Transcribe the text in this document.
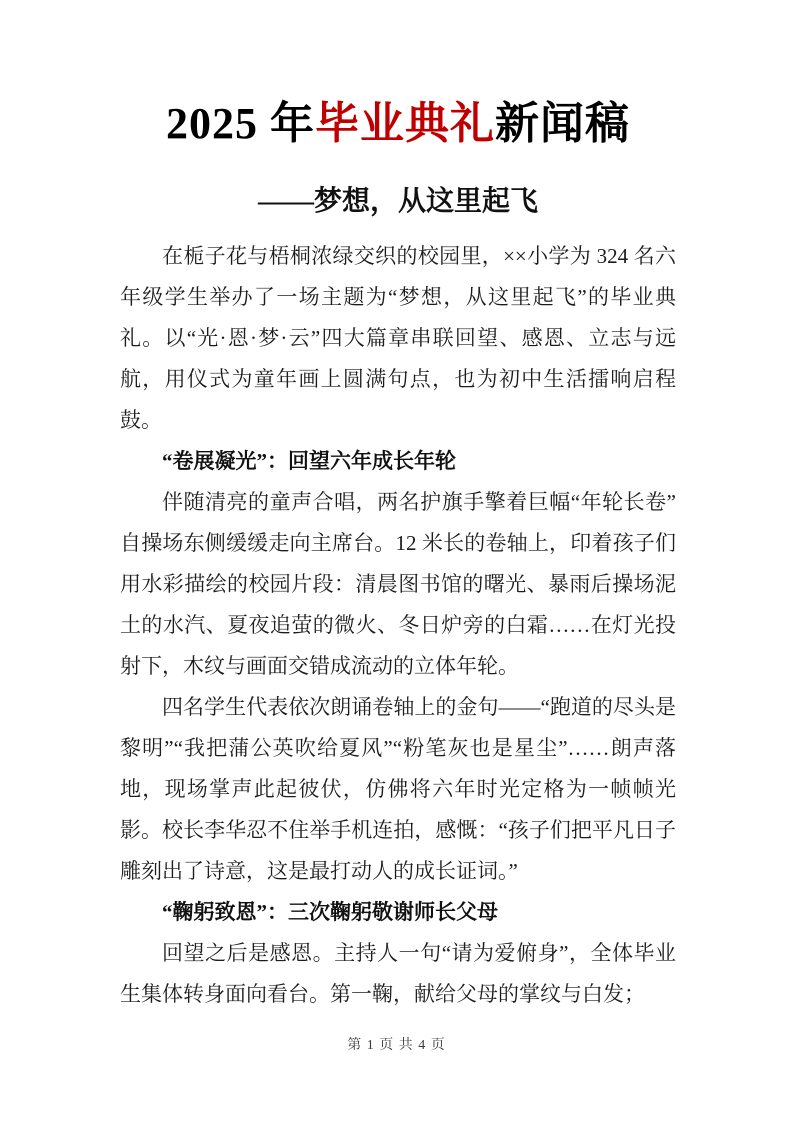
2025 年毕业典礼新闻稿
——梦想，从这里起飞

在栀子花与梧桐浓绿交织的校园里，××小学为 324 名六年级学生举办了一场主题为“梦想，从这里起飞”的毕业典礼。以“光·恩·梦·云”四大篇章串联回望、感恩、立志与远航，用仪式为童年画上圆满句点，也为初中生活擂响启程鼓。

“卷展凝光”：回望六年成长年轮

伴随清亮的童声合唱，两名护旗手擎着巨幅“年轮长卷”自操场东侧缓缓走向主席台。12 米长的卷轴上，印着孩子们用水彩描绘的校园片段：清晨图书馆的曙光、暴雨后操场泥土的水汽、夏夜追萤的微火、冬日炉旁的白霜……在灯光投射下，木纹与画面交错成流动的立体年轮。

四名学生代表依次朗诵卷轴上的金句——“跑道的尽头是黎明”“我把蒲公英吹给夏风”“粉笔灰也是星尘”……朗声落地，现场掌声此起彼伏，仿佛将六年时光定格为一帧帧光影。校长李华忍不住举手机连拍，感慨：“孩子们把平凡日子雕刻出了诗意，这是最打动人的成长证词。”

“鞠躬致恩”：三次鞠躬敬谢师长父母

回望之后是感恩。主持人一句“请为爱俯身”，全体毕业生集体转身面向看台。第一鞠，献给父母的掌纹与白发；

第 1 页 共 4 页
